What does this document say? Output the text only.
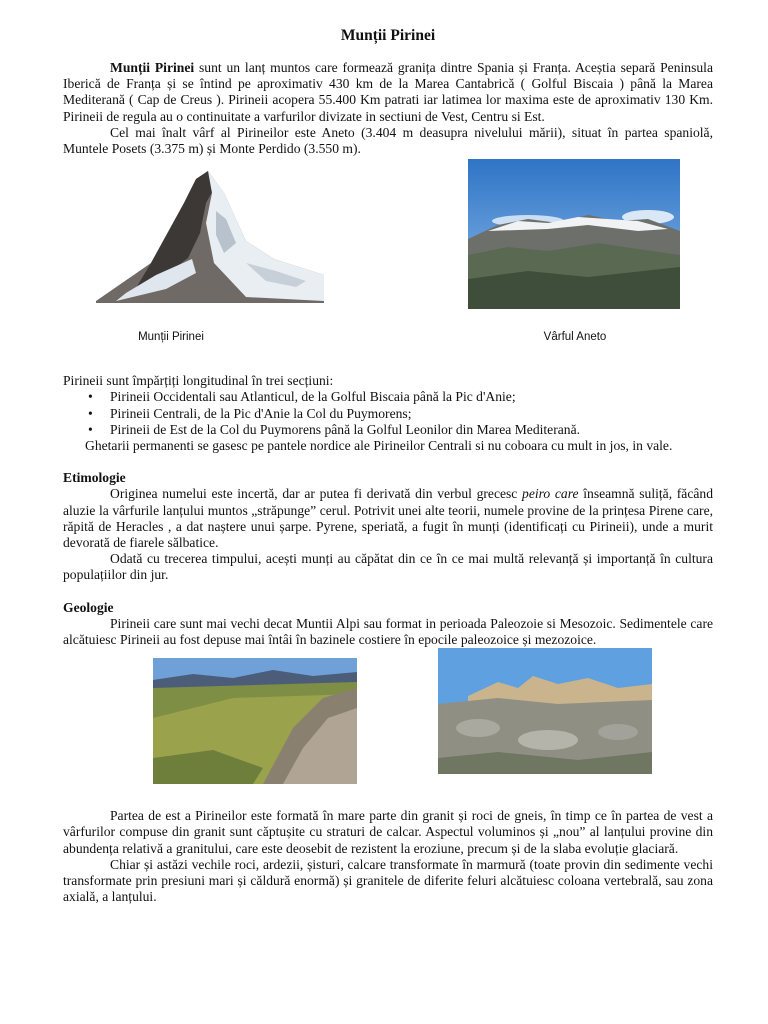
Munții Pirinei

Munții Pirinei sunt un lanț muntos care formează granița dintre Spania și Franța. Aceștia separă Peninsula Iberică de Franța și se întind pe aproximativ 430 km de la Marea Cantabrică ( Golful Biscaia ) până la Marea Mediterană ( Cap de Creus ). Pirineii acopera 55.400 Km patrati iar latimea lor maxima este de aproximativ 130 Km. Pirineii de regula au o continuitate a varfurilor divizate in sectiuni de Vest, Centru si Est.

Cel mai înalt vârf al Pirineilor este Aneto (3.404 m deasupra nivelului mării), situat în partea spaniolă, Muntele Posets (3.375 m) și Monte Perdido (3.550 m).

Munții Pirinei	Vârful Aneto

Pirineii sunt împărțiți longitudinal în trei secțiuni:

• Pirineii Occidentali sau Atlanticul, de la Golful Biscaia până la Pic d'Anie;
• Pirineii Centrali, de la Pic d'Anie la Col du Puymorens;
• Pirineii de Est de la Col du Puymorens până la Golful Leonilor din Marea Mediterană.

Ghetarii permanenti se gasesc pe pantele nordice ale Pirineilor Centrali si nu coboara cu mult in jos, in vale.

Etimologie

Originea numelui este incertă, dar ar putea fi derivată din verbul grecesc peiro care înseamnă suliță, făcând aluzie la vârfurile lanțului muntos „străpunge” cerul. Potrivit unei alte teorii, numele provine de la prințesa Pirene care, răpită de Heracles , a dat naștere unui șarpe. Pyrene, speriată, a fugit în munți (identificați cu Pirineii), unde a murit devorată de fiarele sălbatice.

Odată cu trecerea timpului, acești munți au căpătat din ce în ce mai multă relevanță și importanță în cultura populațiilor din jur.

Geologie

Pirineii care sunt mai vechi decat Muntii Alpi sau format in perioada Paleozoie si Mesozoic. Sedimentele care alcătuiesc Pirineii au fost depuse mai întâi în bazinele costiere în epocile paleozoice și mezozoice.

Partea de est a Pirineilor este formată în mare parte din granit și roci de gneis, în timp ce în partea de vest a vârfurilor compuse din granit sunt căptușite cu straturi de calcar. Aspectul voluminos și „nou” al lanțului provine din abundența relativă a granitului, care este deosebit de rezistent la eroziune, precum și de la slaba evoluție glaciară.

Chiar și astăzi vechile roci, ardezii, șisturi, calcare transformate în marmură (toate provin din sedimente vechi transformate prin presiuni mari și căldură enormă) și granitele de diferite feluri alcătuiesc coloana vertebrală, sau zona axială, a lanțului.
